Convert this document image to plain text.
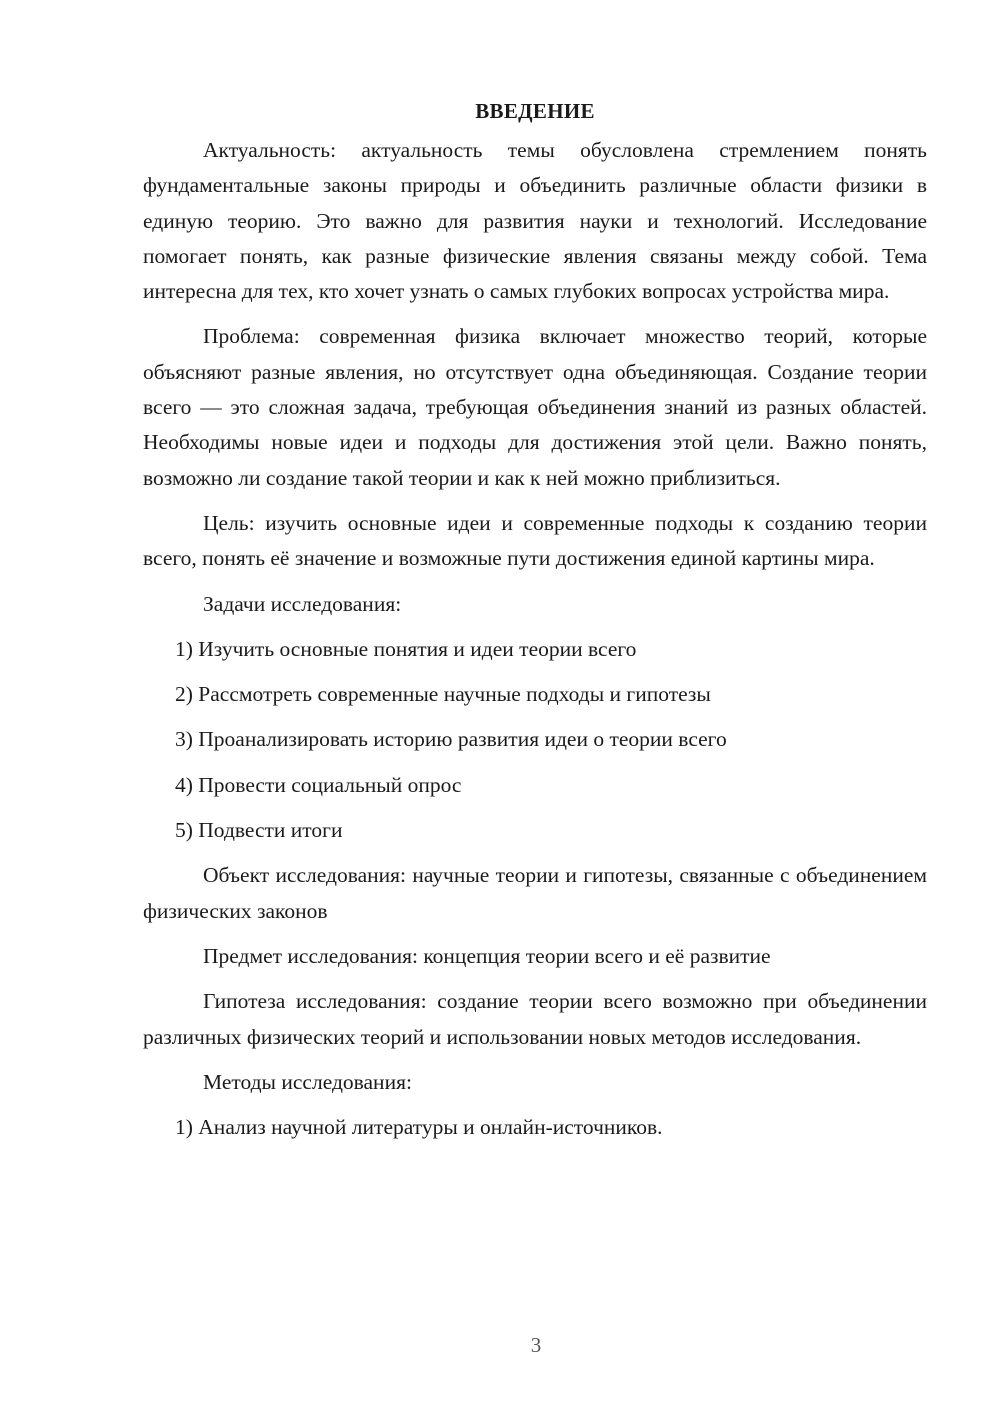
ВВЕДЕНИЕ

Актуальность: актуальность темы обусловлена стремлением понять фундаментальные законы природы и объединить различные области физики в единую теорию. Это важно для развития науки и технологий. Исследование помогает понять, как разные физические явления связаны между собой. Тема интересна для тех, кто хочет узнать о самых глубоких вопросах устройства мира.

Проблема: современная физика включает множество теорий, которые объясняют разные явления, но отсутствует одна объединяющая. Создание теории всего — это сложная задача, требующая объединения знаний из разных областей. Необходимы новые идеи и подходы для достижения этой цели. Важно понять, возможно ли создание такой теории и как к ней можно приблизиться.

Цель: изучить основные идеи и современные подходы к созданию теории всего, понять её значение и возможные пути достижения единой картины мира.

Задачи исследования:

1) Изучить основные понятия и идеи теории всего
2) Рассмотреть современные научные подходы и гипотезы
3) Проанализировать историю развития идеи о теории всего
4) Провести социальный опрос
5) Подвести итоги

Объект исследования: научные теории и гипотезы, связанные с объединением физических законов

Предмет исследования: концепция теории всего и её развитие

Гипотеза исследования: создание теории всего возможно при объединении различных физических теорий и использовании новых методов исследования.

Методы исследования:

1) Анализ научной литературы и онлайн-источников.
3
